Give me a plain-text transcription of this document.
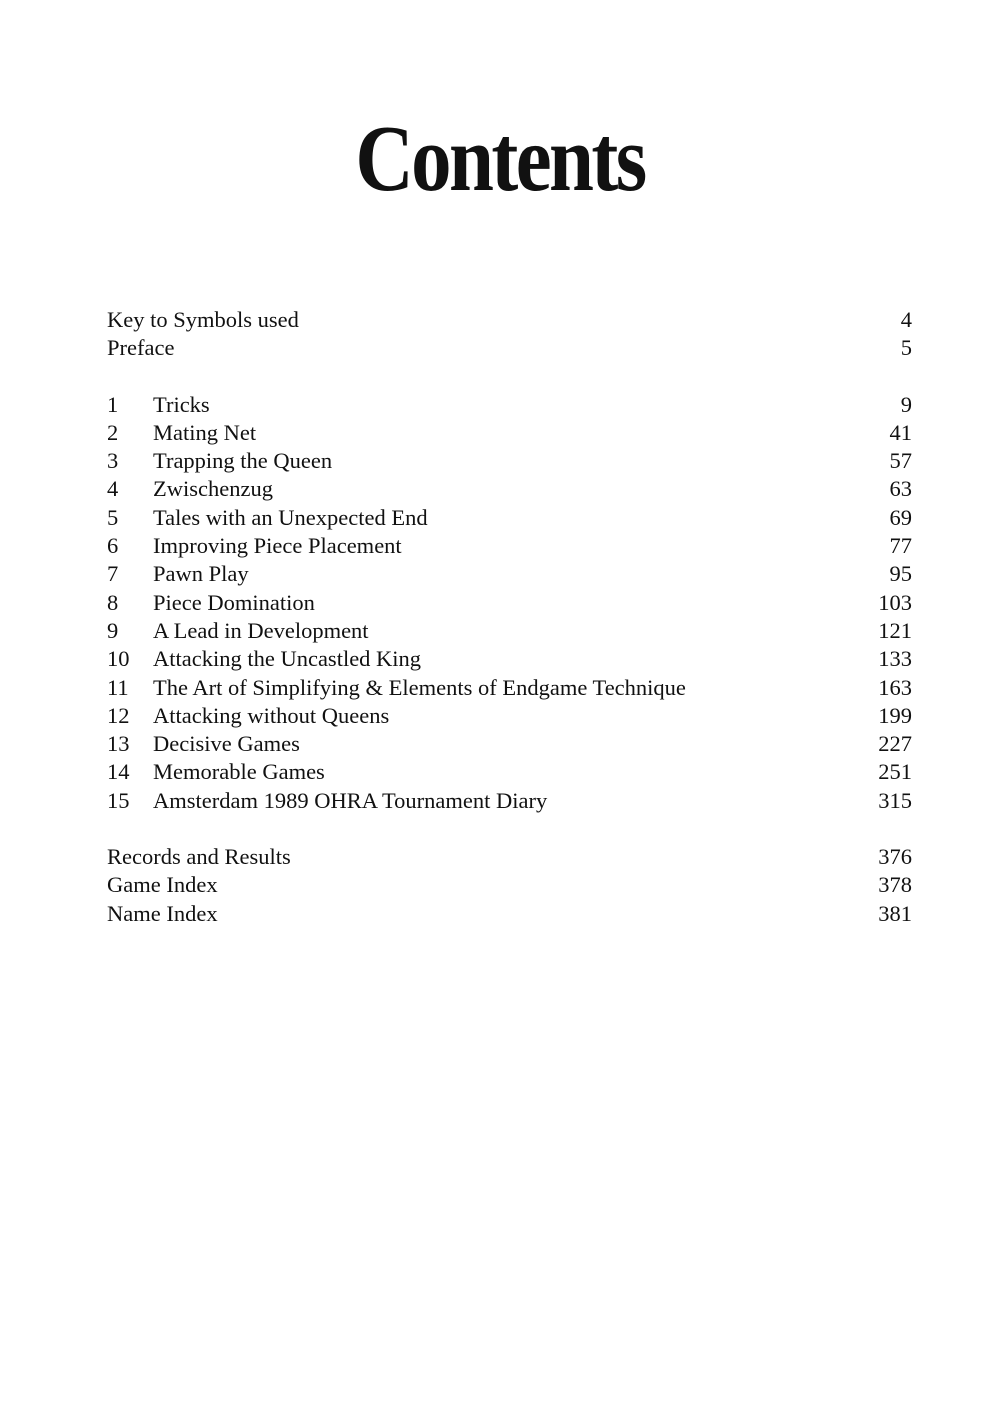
Contents
Key to Symbols used	4
Preface	5
1	Tricks	9
2	Mating Net	41
3	Trapping the Queen	57
4	Zwischenzug	63
5	Tales with an Unexpected End	69
6	Improving Piece Placement	77
7	Pawn Play	95
8	Piece Domination	103
9	A Lead in Development	121
10	Attacking the Uncastled King	133
11	The Art of Simplifying & Elements of Endgame Technique	163
12	Attacking without Queens	199
13	Decisive Games	227
14	Memorable Games	251
15	Amsterdam 1989 OHRA Tournament Diary	315
Records and Results	376
Game Index	378
Name Index	381
